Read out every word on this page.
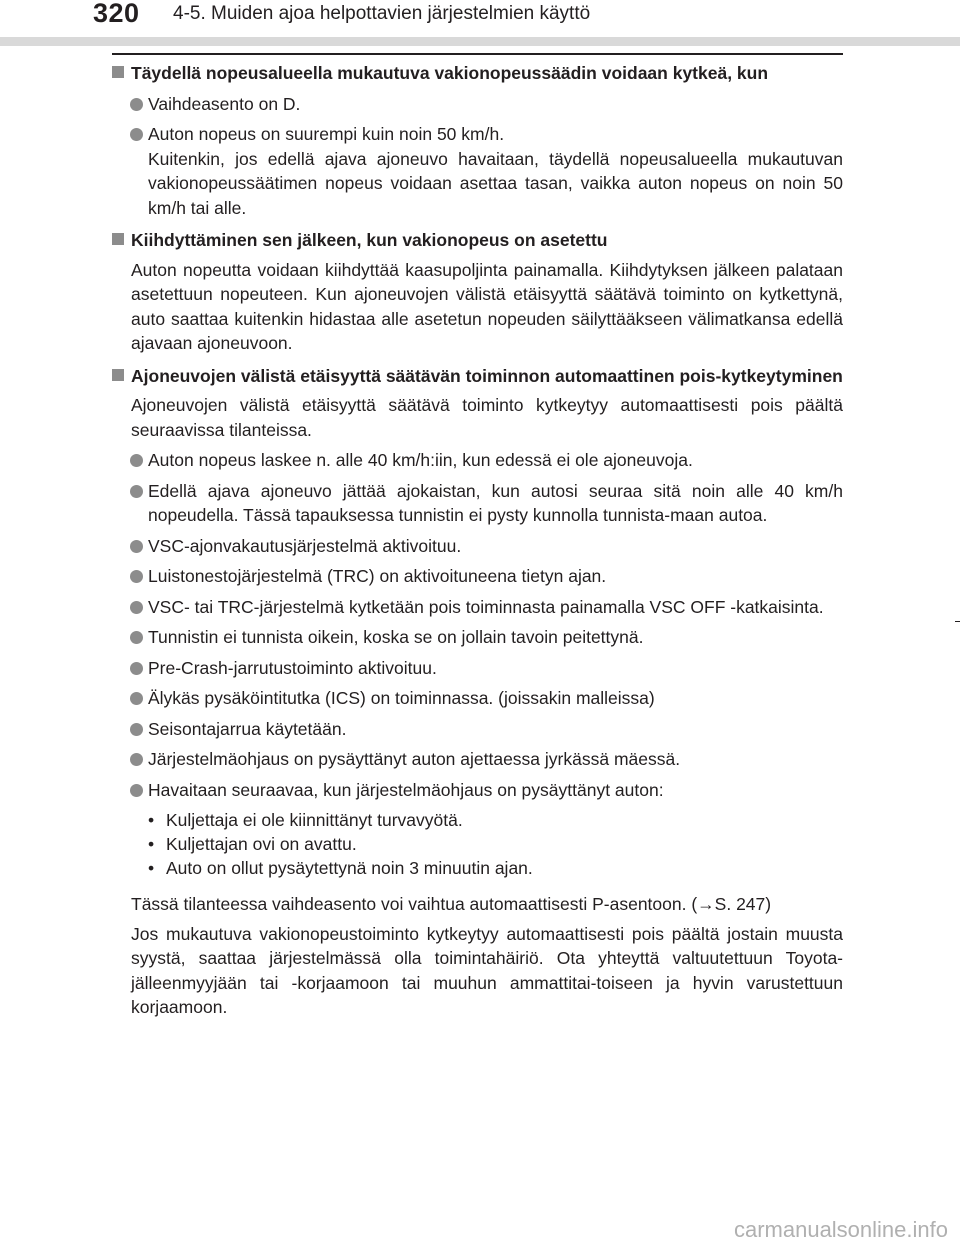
320 4-5. Muiden ajoa helpottavien järjestelmien käyttö
Täydellä nopeusalueella mukautuva vakionopeussäädin voidaan kytkeä, kun
Vaihdeasento on D.
Auton nopeus on suurempi kuin noin 50 km/h.
Kuitenkin, jos edellä ajava ajoneuvo havaitaan, täydellä nopeusalueella mukautuvan vakionopeussäätimen nopeus voidaan asettaa tasan, vaikka auton nopeus on noin 50 km/h tai alle.
Kiihdyttäminen sen jälkeen, kun vakionopeus on asetettu
Auton nopeutta voidaan kiihdyttää kaasupoljinta painamalla. Kiihdytyksen jälkeen palataan asetettuun nopeuteen. Kun ajoneuvojen välistä etäisyyttä säätävä toiminto on kytkettynä, auto saattaa kuitenkin hidastaa alle asetetun nopeuden säilyttääkseen välimatkansa edellä ajavaan ajoneuvoon.
Ajoneuvojen välistä etäisyyttä säätävän toiminnon automaattinen pois-kytkeytyminen
Ajoneuvojen välistä etäisyyttä säätävä toiminto kytkeytyy automaattisesti pois päältä seuraavissa tilanteissa.
Auton nopeus laskee n. alle 40 km/h:iin, kun edessä ei ole ajoneuvoja.
Edellä ajava ajoneuvo jättää ajokaistan, kun autosi seuraa sitä noin alle 40 km/h nopeudella. Tässä tapauksessa tunnistin ei pysty kunnolla tunnista-maan autoa.
VSC-ajonvakautusjärjestelmä aktivoituu.
Luistonestojärjestelmä (TRC) on aktivoituneena tietyn ajan.
VSC- tai TRC-järjestelmä kytketään pois toiminnasta painamalla VSC OFF -katkaisinta.
Tunnistin ei tunnista oikein, koska se on jollain tavoin peitettynä.
Pre-Crash-jarrutustoiminto aktivoituu.
Älykäs pysäköintitutka (ICS) on toiminnassa. (joissakin malleissa)
Seisontajarrua käytetään.
Järjestelmäohjaus on pysäyttänyt auton ajettaessa jyrkässä mäessä.
Havaitaan seuraavaa, kun järjestelmäohjaus on pysäyttänyt auton:
• Kuljettaja ei ole kiinnittänyt turvavyötä.
• Kuljettajan ovi on avattu.
• Auto on ollut pysäytettynä noin 3 minuutin ajan.
Tässä tilanteessa vaihdeasento voi vaihtua automaattisesti P-asentoon. (→S. 247)
Jos mukautuva vakionopeustoiminto kytkeytyy automaattisesti pois päältä jostain muusta syystä, saattaa järjestelmässä olla toimintahäiriö. Ota yhteyttä valtuutettuun Toyota-jälleenmyyjään tai -korjaamoon tai muuhun ammattitai-toiseen ja hyvin varustettuun korjaamoon.
carmanualsonline.info
